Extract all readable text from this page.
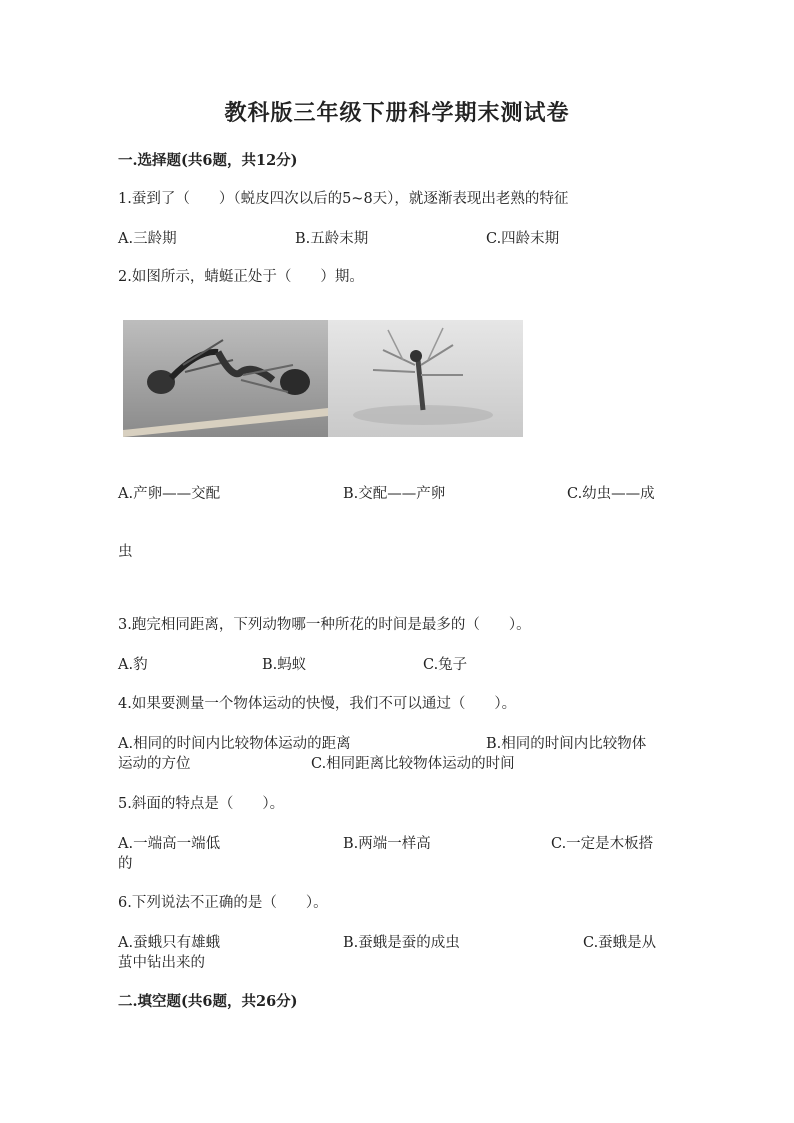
教科版三年级下册科学期末测试卷
一.选择题(共6题，共12分)
1.蚕到了（　　）（蜕皮四次以后的5~8天），就逐渐表现出老熟的特征
A.三龄期	B.五龄末期	C.四龄末期
2.如图所示，蜻蜓正处于（　　）期。
A.产卵——交配	B.交配——产卵	C.幼虫——成
虫
3.跑完相同距离，下列动物哪一种所花的时间是最多的（　　）。
A.豹	B.蚂蚁	C.兔子
4.如果要测量一个物体运动的快慢，我们不可以通过（　　）。
A.相同的时间内比较物体运动的距离	B.相同的时间内比较物体
运动的方位	C.相同距离比较物体运动的时间
5.斜面的特点是（　　）。
A.一端高一端低	B.两端一样高	C.一定是木板搭
的
6.下列说法不正确的是（　　）。
A.蚕蛾只有雄蛾	B.蚕蛾是蚕的成虫	C.蚕蛾是从
茧中钻出来的
二.填空题(共6题，共26分)
